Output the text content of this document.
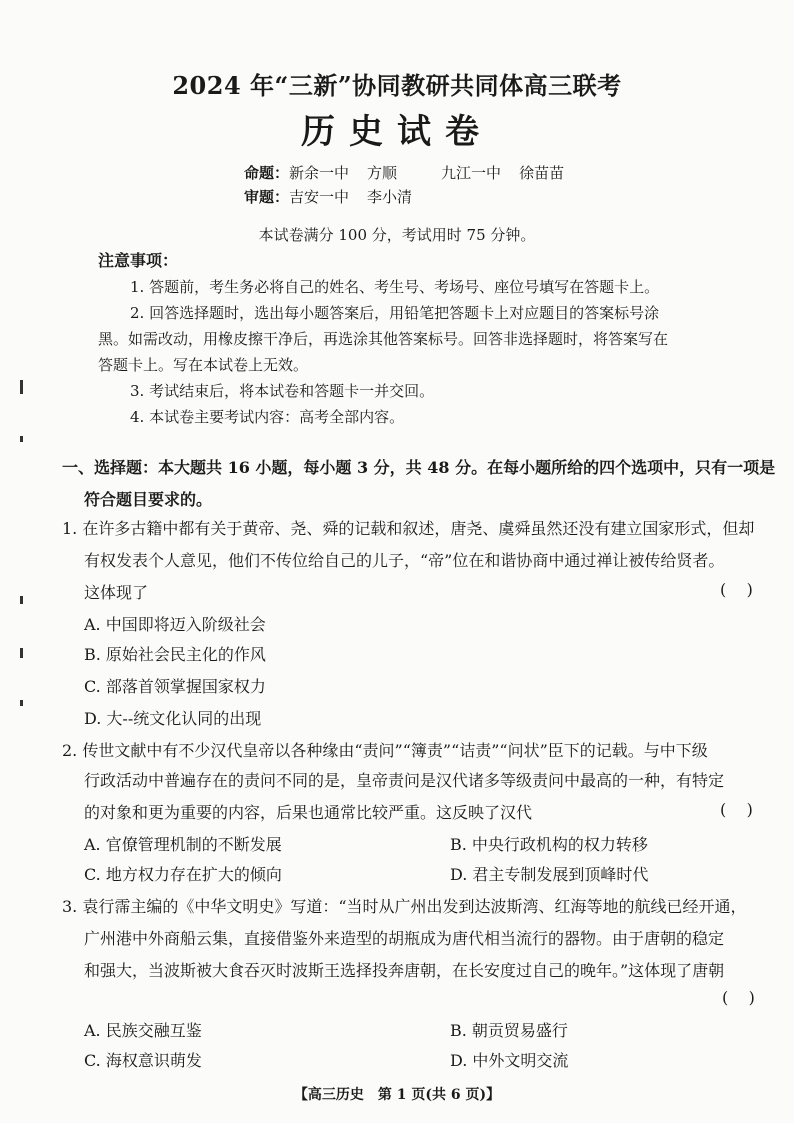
2024 年“三新”协同教研共同体高三联考
历史试卷
命题：新余一中 方顺	九江一中 徐苗苗
审题：吉安一中 李小清
本试卷满分 100 分，考试用时 75 分钟。
注意事项：
1. 答题前，考生务必将自己的姓名、考生号、考场号、座位号填写在答题卡上。
2. 回答选择题时，选出每小题答案后，用铅笔把答题卡上对应题目的答案标号涂
黑。如需改动，用橡皮擦干净后，再选涂其他答案标号。回答非选择题时，将答案写在
答题卡上。写在本试卷上无效。
3. 考试结束后，将本试卷和答题卡一并交回。
4. 本试卷主要考试内容：高考全部内容。
一、选择题：本大题共 16 小题，每小题 3 分，共 48 分。在每小题所给的四个选项中，只有一项是
符合题目要求的。
1. 在许多古籍中都有关于黄帝、尧、舜的记载和叙述，唐尧、虞舜虽然还没有建立国家形式，但却
有权发表个人意见，他们不传位给自己的儿子，“帝”位在和谐协商中通过禅让被传给贤者。
这体现了	(    )
A. 中国即将迈入阶级社会
B. 原始社会民主化的作风
C. 部落首领掌握国家权力
D. 大--统文化认同的出现
2. 传世文献中有不少汉代皇帝以各种缘由“责问”“簿责”“诘责”“问状”臣下的记载。与中下级
行政活动中普遍存在的责问不同的是，皇帝责问是汉代诸多等级责问中最高的一种，有特定
的对象和更为重要的内容，后果也通常比较严重。这反映了汉代	(    )
A. 官僚管理机制的不断发展	B. 中央行政机构的权力转移
C. 地方权力存在扩大的倾向	D. 君主专制发展到顶峰时代
3. 袁行霈主编的《中华文明史》写道：“当时从广州出发到达波斯湾、红海等地的航线已经开通，
广州港中外商船云集，直接借鉴外来造型的胡瓶成为唐代相当流行的器物。由于唐朝的稳定
和强大，当波斯被大食吞灭时波斯王选择投奔唐朝，在长安度过自己的晚年。”这体现了唐朝
(    )
A. 民族交融互鉴	B. 朝贡贸易盛行
C. 海权意识萌发	D. 中外文明交流
【高三历史　第 1 页(共 6 页)】
